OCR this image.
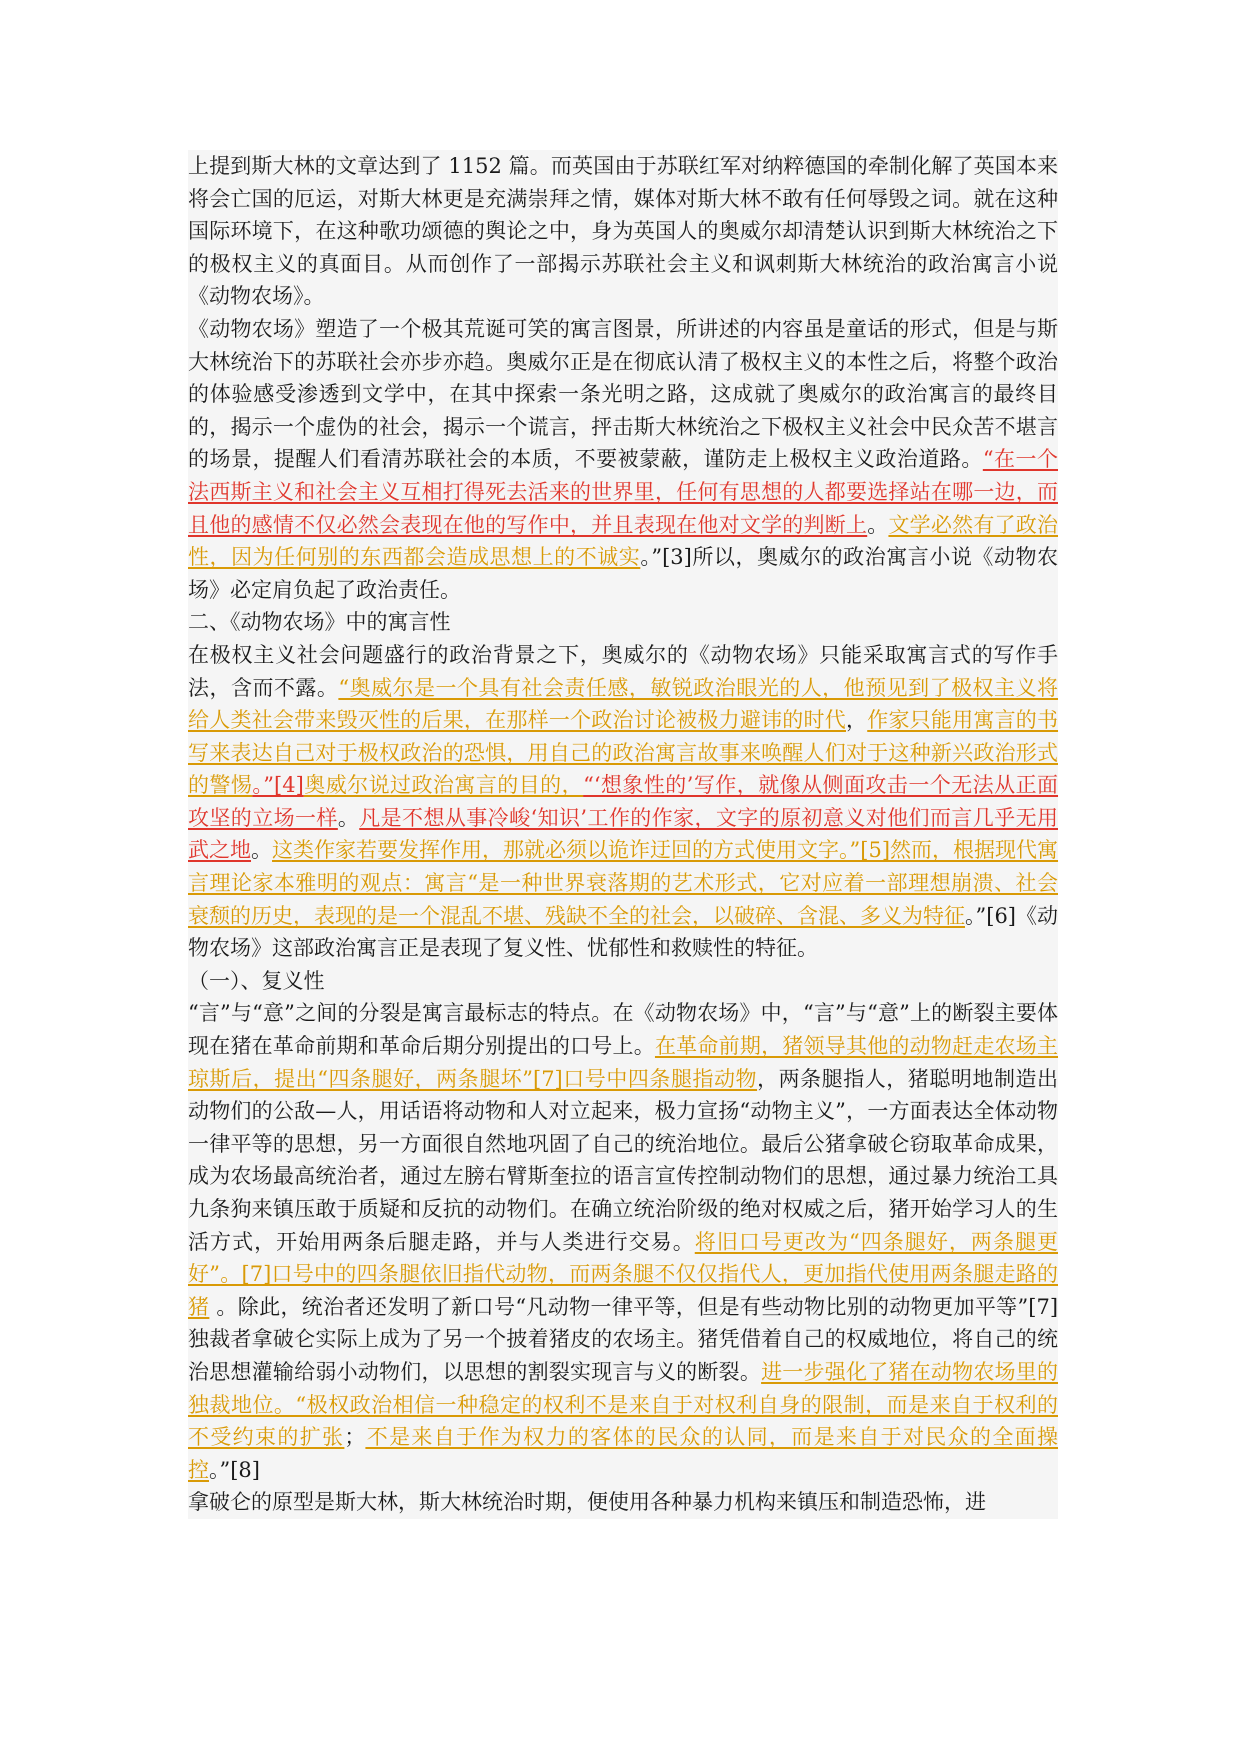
上提到斯大林的文章达到了 1152 篇。而英国由于苏联红军对纳粹德国的牵制化解了英国本来将会亡国的厄运，对斯大林更是充满崇拜之情，媒体对斯大林不敢有任何辱毁之词。就在这种国际环境下，在这种歌功颂德的舆论之中，身为英国人的奥威尔却清楚认识到斯大林统治之下的极权主义的真面目。从而创作了一部揭示苏联社会主义和讽刺斯大林统治的政治寓言小说《动物农场》。

《动物农场》塑造了一个极其荒诞可笑的寓言图景，所讲述的内容虽是童话的形式，但是与斯大林统治下的苏联社会亦步亦趋。奥威尔正是在彻底认清了极权主义的本性之后，将整个政治的体验感受渗透到文学中，在其中探索一条光明之路，这成就了奥威尔的政治寓言的最终目的，揭示一个虚伪的社会，揭示一个谎言，抨击斯大林统治之下极权主义社会中民众苦不堪言的场景，提醒人们看清苏联社会的本质，不要被蒙蔽，谨防走上极权主义政治道路。“在一个法西斯主义和社会主义互相打得死去活来的世界里，任何有思想的人都要选择站在哪一边，而且他的感情不仅必然会表现在他的写作中，并且表现在他对文学的判断上。文学必然有了政治性，因为任何别的东西都会造成思想上的不诚实。”[3]所以，奥威尔的政治寓言小说《动物农场》必定肩负起了政治责任。

二、《动物农场》中的寓言性

在极权主义社会问题盛行的政治背景之下，奥威尔的《动物农场》只能采取寓言式的写作手法，含而不露。“奥威尔是一个具有社会责任感，敏锐政治眼光的人，他预见到了极权主义将给人类社会带来毁灭性的后果，在那样一个政治讨论被极力避讳的时代，作家只能用寓言的书写来表达自己对于极权政治的恐惧，用自己的政治寓言故事来唤醒人们对于这种新兴政治形式的警惕。”[4]奥威尔说过政治寓言的目的，“‘想象性的’写作，就像从侧面攻击一个无法从正面攻坚的立场一样。凡是不想从事冷峻‘知识’工作的作家，文字的原初意义对他们而言几乎无用武之地。这类作家若要发挥作用，那就必须以诡诈迂回的方式使用文字。”[5]然而，根据现代寓言理论家本雅明的观点：寓言“是一种世界衰落期的艺术形式，它对应着一部理想崩溃、社会衰颓的历史，表现的是一个混乱不堪、残缺不全的社会，以破碎、含混、多义为特征。”[6]《动物农场》这部政治寓言正是表现了复义性、忧郁性和救赎性的特征。

（一）、复义性

“言”与“意”之间的分裂是寓言最标志的特点。在《动物农场》中，“言”与“意”上的断裂主要体现在猪在革命前期和革命后期分别提出的口号上。在革命前期，猪领导其他的动物赶走农场主琼斯后，提出“四条腿好，两条腿坏”[7]口号中四条腿指动物，两条腿指人，猪聪明地制造出动物们的公敌—人，用话语将动物和人对立起来，极力宣扬“动物主义”，一方面表达全体动物一律平等的思想，另一方面很自然地巩固了自己的统治地位。最后公猪拿破仑窃取革命成果，成为农场最高统治者，通过左膀右臂斯奎拉的语言宣传控制动物们的思想，通过暴力统治工具九条狗来镇压敢于质疑和反抗的动物们。在确立统治阶级的绝对权威之后，猪开始学习人的生活方式，开始用两条后腿走路，并与人类进行交易。将旧口号更改为“四条腿好，两条腿更好”。[7]口号中的四条腿依旧指代动物，而两条腿不仅仅指代人，更加指代使用两条腿走路的猪 。除此，统治者还发明了新口号“凡动物一律平等，但是有些动物比别的动物更加平等”[7]独裁者拿破仑实际上成为了另一个披着猪皮的农场主。猪凭借着自己的权威地位，将自己的统治思想灌输给弱小动物们，以思想的割裂实现言与义的断裂。进一步强化了猪在动物农场里的独裁地位。“极权政治相信一种稳定的权利不是来自于对权利自身的限制，而是来自于权利的不受约束的扩张；不是来自于作为权力的客体的民众的认同，而是来自于对民众的全面操控。”[8]

拿破仑的原型是斯大林，斯大林统治时期，便使用各种暴力机构来镇压和制造恐怖，进
